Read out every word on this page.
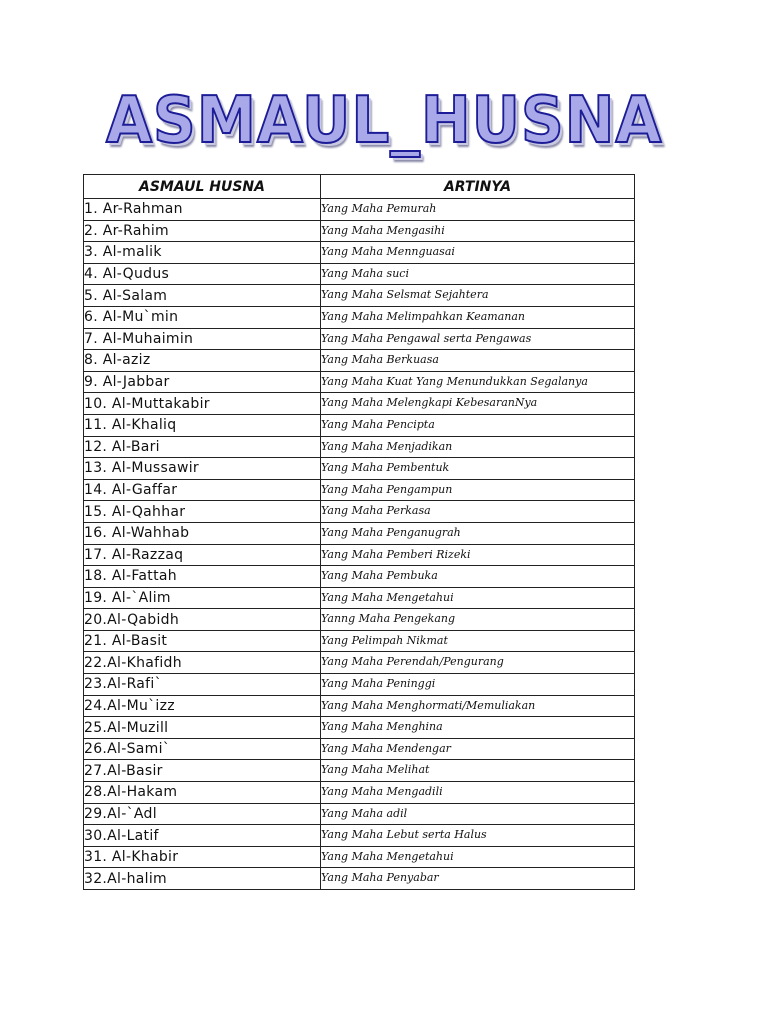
ASMAUL_HUSNA
ASMAUL HUSNA	ARTINYA
1. Ar-Rahman	Yang Maha Pemurah
2. Ar-Rahim	Yang Maha Mengasihi
3. Al-malik	Yang Maha Mennguasai
4. Al-Qudus	Yang Maha suci
5. Al-Salam	Yang Maha Selsmat Sejahtera
6. Al-Mu`min	Yang Maha Melimpahkan Keamanan
7. Al-Muhaimin	Yang Maha Pengawal serta Pengawas
8. Al-aziz	Yang Maha Berkuasa
9. Al-Jabbar	Yang Maha Kuat Yang Menundukkan Segalanya
10. Al-Muttakabir	Yang Maha Melengkapi KebesaranNya
11. Al-Khaliq	Yang Maha Pencipta
12. Al-Bari	Yang Maha Menjadikan
13. Al-Mussawir	Yang Maha Pembentuk
14. Al-Gaffar	Yang Maha Pengampun
15. Al-Qahhar	Yang Maha Perkasa
16. Al-Wahhab	Yang Maha Penganugrah
17. Al-Razzaq	Yang Maha Pemberi Rizeki
18. Al-Fattah	Yang Maha Pembuka
19. Al-`Alim	Yang Maha Mengetahui
20.Al-Qabidh	Yanng Maha Pengekang
21. Al-Basit	Yang Pelimpah Nikmat
22.Al-Khafidh	Yang Maha Perendah/Pengurang
23.Al-Rafi`	Yang Maha Peninggi
24.Al-Mu`izz	Yang Maha Menghormati/Memuliakan
25.Al-Muzill	Yang Maha Menghina
26.Al-Sami`	Yang Maha Mendengar
27.Al-Basir	Yang Maha Melihat
28.Al-Hakam	Yang Maha Mengadili
29.Al-`Adl	Yang Maha adil
30.Al-Latif	Yang Maha Lebut serta Halus
31. Al-Khabir	Yang Maha Mengetahui
32.Al-halim	Yang Maha Penyabar
